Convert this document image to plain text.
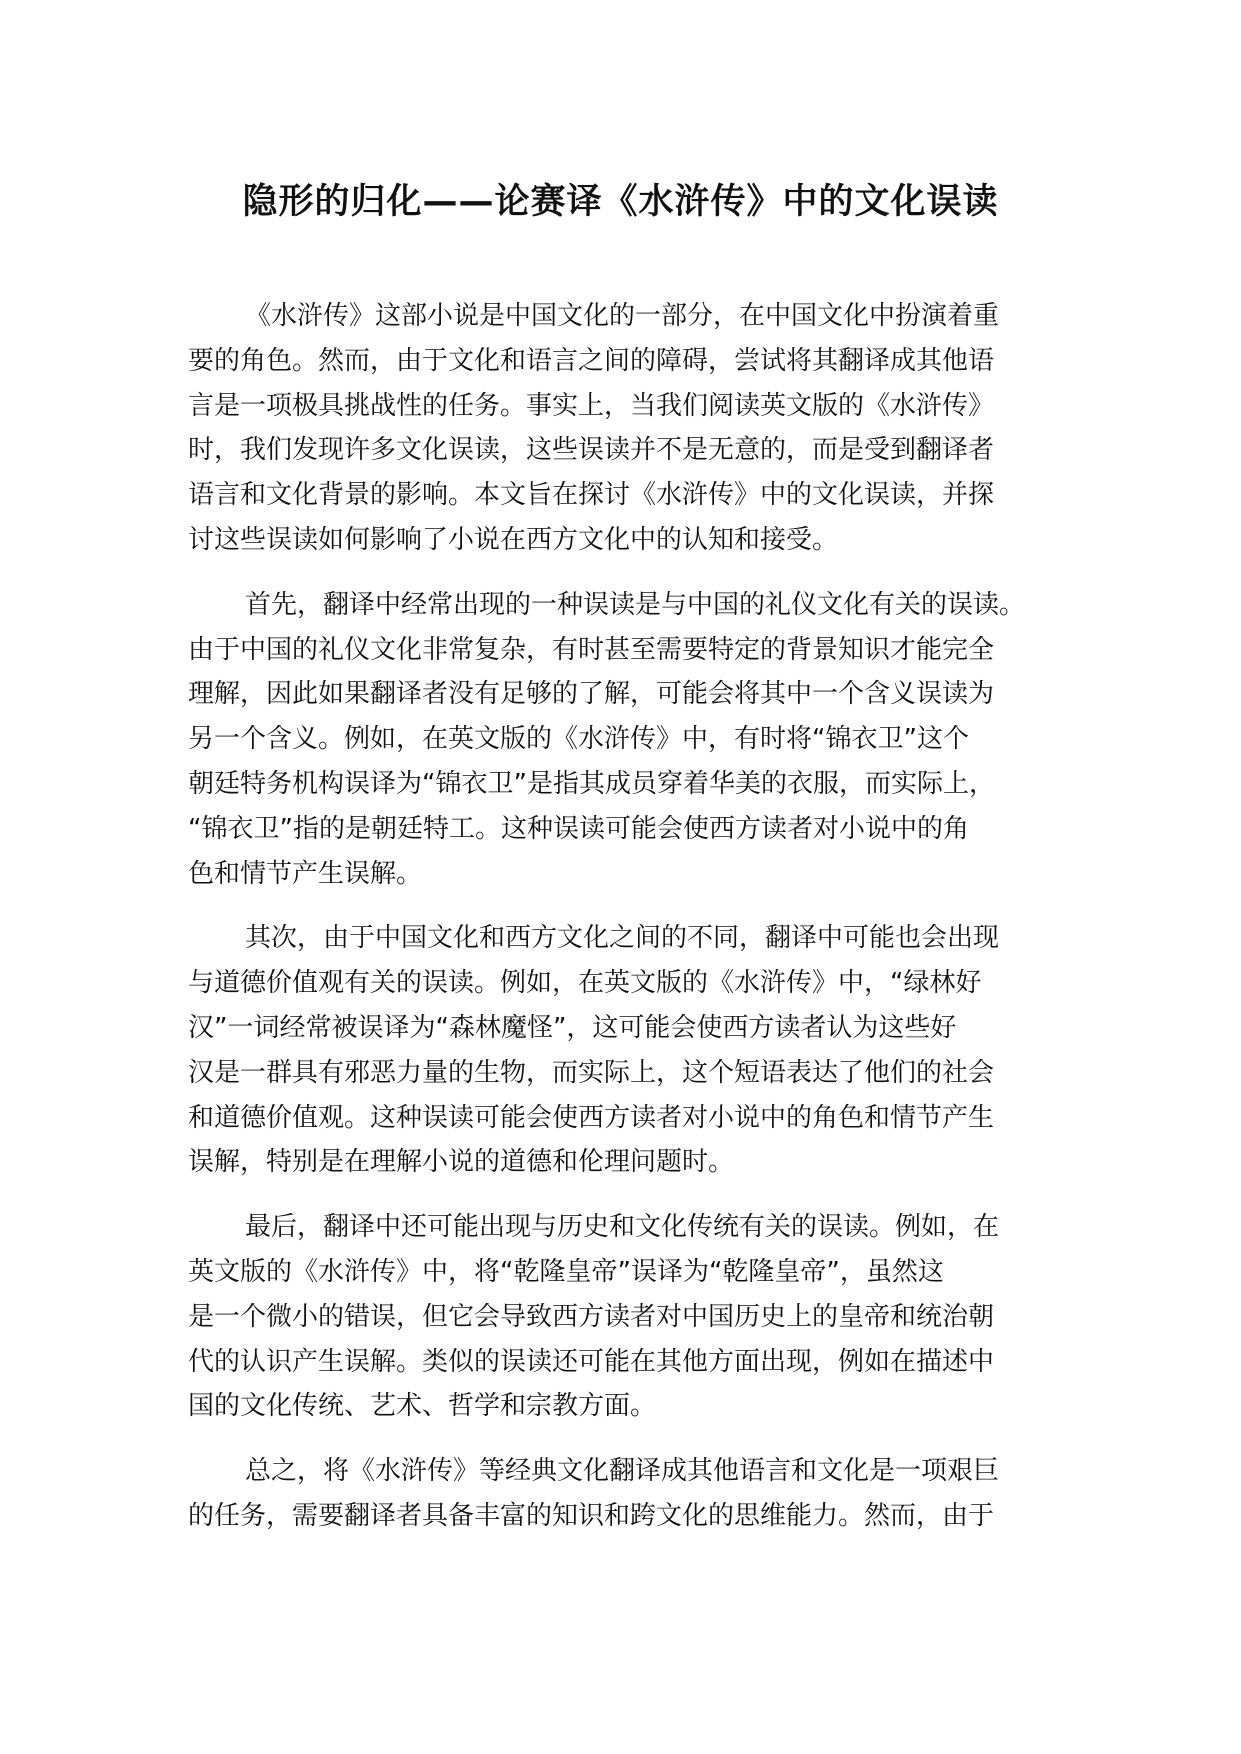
隐形的归化——论赛译《水浒传》中的文化误读

《水浒传》这部小说是中国文化的一部分，在中国文化中扮演着重
要的角色。然而，由于文化和语言之间的障碍，尝试将其翻译成其他语
言是一项极具挑战性的任务。事实上，当我们阅读英文版的《水浒传》
时，我们发现许多文化误读，这些误读并不是无意的，而是受到翻译者
语言和文化背景的影响。本文旨在探讨《水浒传》中的文化误读，并探
讨这些误读如何影响了小说在西方文化中的认知和接受。

首先，翻译中经常出现的一种误读是与中国的礼仪文化有关的误读。
由于中国的礼仪文化非常复杂，有时甚至需要特定的背景知识才能完全
理解，因此如果翻译者没有足够的了解，可能会将其中一个含义误读为
另一个含义。例如，在英文版的《水浒传》中，有时将“锦衣卫”这个
朝廷特务机构误译为“锦衣卫”是指其成员穿着华美的衣服，而实际上，
“锦衣卫”指的是朝廷特工。这种误读可能会使西方读者对小说中的角
色和情节产生误解。

其次，由于中国文化和西方文化之间的不同，翻译中可能也会出现
与道德价值观有关的误读。例如，在英文版的《水浒传》中，“绿林好
汉”一词经常被误译为“森林魔怪”，这可能会使西方读者认为这些好
汉是一群具有邪恶力量的生物，而实际上，这个短语表达了他们的社会
和道德价值观。这种误读可能会使西方读者对小说中的角色和情节产生
误解，特别是在理解小说的道德和伦理问题时。

最后，翻译中还可能出现与历史和文化传统有关的误读。例如，在
英文版的《水浒传》中，将“乾隆皇帝”误译为“乾隆皇帝”，虽然这
是一个微小的错误，但它会导致西方读者对中国历史上的皇帝和统治朝
代的认识产生误解。类似的误读还可能在其他方面出现，例如在描述中
国的文化传统、艺术、哲学和宗教方面。

总之，将《水浒传》等经典文化翻译成其他语言和文化是一项艰巨
的任务，需要翻译者具备丰富的知识和跨文化的思维能力。然而，由于
